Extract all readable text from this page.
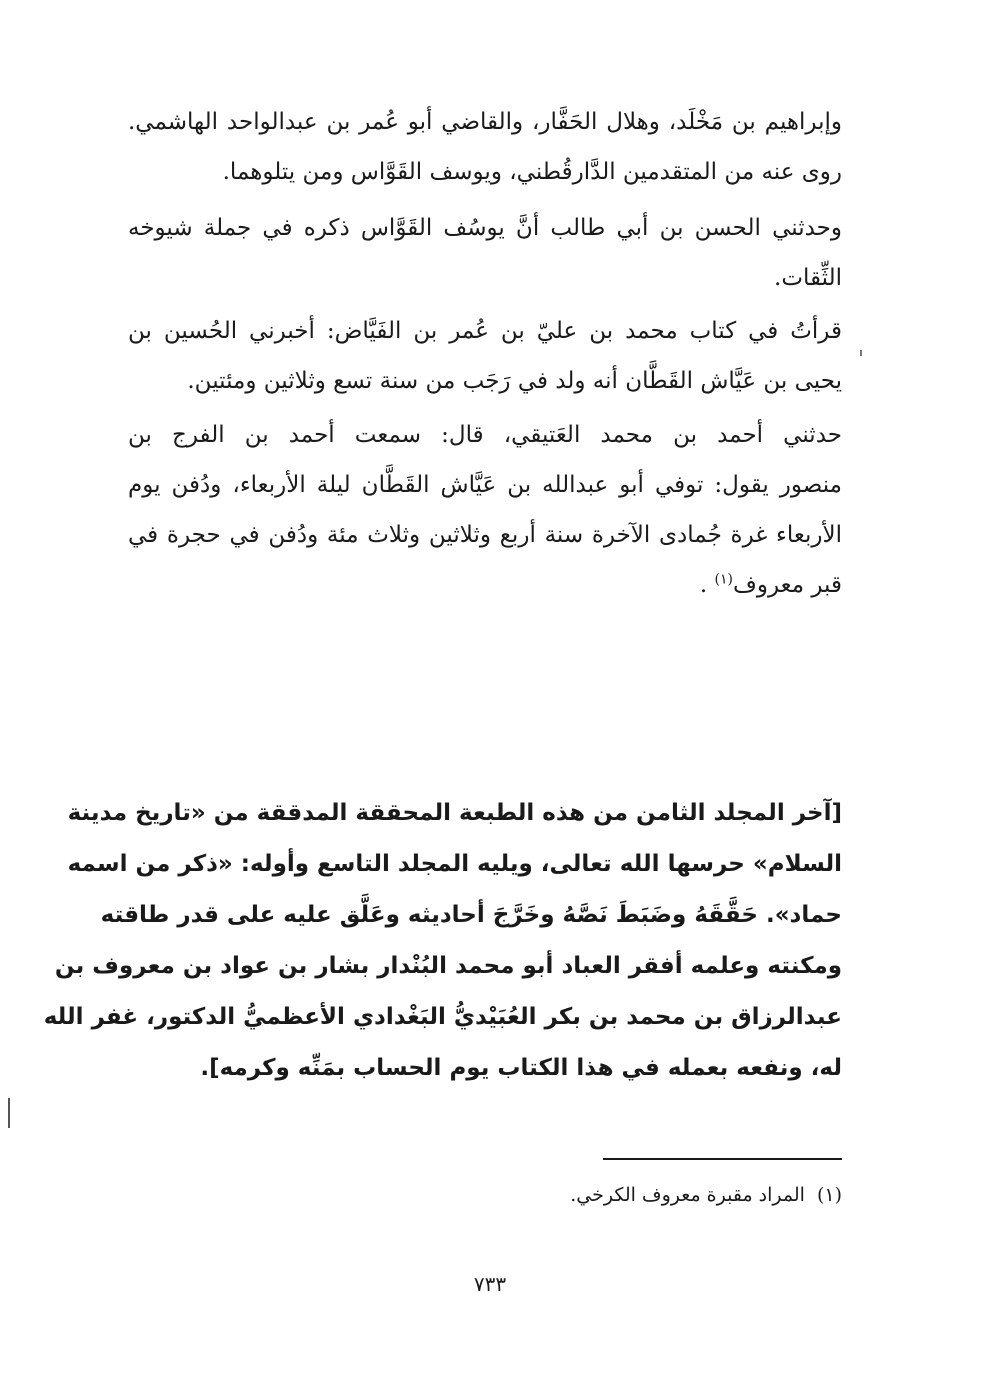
وإبراهيم بن مَخْلَد، وهلال الحَفَّار، والقاضي أبو عُمر بن عبدالواحد الهاشمي.
روى عنه من المتقدمين الدَّارقُطني، ويوسف القَوَّاس ومن يتلوهما.
وحدثني الحسن بن أبي طالب أنَّ يوسُف القَوَّاس ذكره في جملة شيوخه
الثِّقات.
قرأتُ في كتاب محمد بن عليّ بن عُمر بن الفَيَّاض: أخبرني الحُسين بن
يحيى بن عَيَّاش القَطَّان أنه ولد في رَجَب من سنة تسع وثلاثين ومئتين.
حدثني أحمد بن محمد العَتيقي، قال: سمعت أحمد بن الفرج بن
منصور يقول: توفي أبو عبدالله بن عَيَّاش القَطَّان ليلة الأربعاء، ودُفن يوم
الأربعاء غرة جُمادى الآخرة سنة أربع وثلاثين وثلاث مئة ودُفن في حجرة في
قبر معروف$^{(١)}$ .
[آخر المجلد الثامن من هذه الطبعة المحققة المدققة من «تاريخ مدينة
السلام» حرسها الله تعالى، ويليه المجلد التاسع وأوله: «ذكر من اسمه
حماد». حَقَّقَهُ وضَبَطَ نَصَّهُ وخَرَّجَ أحاديثه وعَلَّق عليه على قدر طاقته
ومكنته وعلمه أفقر العباد أبو محمد البُنْدار بشار بن عواد بن معروف بن
عبدالرزاق بن محمد بن بكر العُبَيْديُّ البَغْدادي الأعظميُّ الدكتور، غفر الله
له، ونفعه بعمله في هذا الكتاب يوم الحساب بمَنِّه وكرمه].
(١)المراد مقبرة معروف الكرخي.
٧٣٣
